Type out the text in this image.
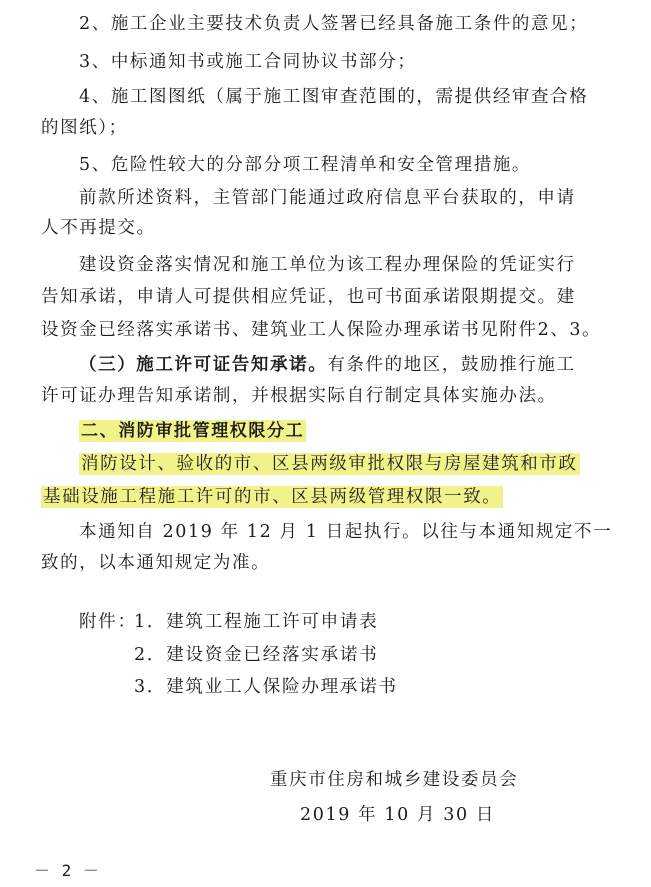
2、施工企业主要技术负责人签署已经具备施工条件的意见；
3、中标通知书或施工合同协议书部分；
4、施工图图纸（属于施工图审查范围的，需提供经审查合格
的图纸）；
5、危险性较大的分部分项工程清单和安全管理措施。
前款所述资料，主管部门能通过政府信息平台获取的，申请
人不再提交。
建设资金落实情况和施工单位为该工程办理保险的凭证实行
告知承诺，申请人可提供相应凭证，也可书面承诺限期提交。建
设资金已经落实承诺书、建筑业工人保险办理承诺书见附件2、3。
（三）施工许可证告知承诺。有条件的地区，鼓励推行施工
许可证办理告知承诺制，并根据实际自行制定具体实施办法。
二、消防审批管理权限分工
消防设计、验收的市、区县两级审批权限与房屋建筑和市政
基础设施工程施工许可的市、区县两级管理权限一致。
本通知自 2019 年 12 月 1 日起执行。以往与本通知规定不一
致的，以本通知规定为准。
附件：
1．建筑工程施工许可申请表
2．建设资金已经落实承诺书
3．建筑业工人保险办理承诺书
重庆市住房和城乡建设委员会
2019 年 10 月 30 日
－ 2 －
